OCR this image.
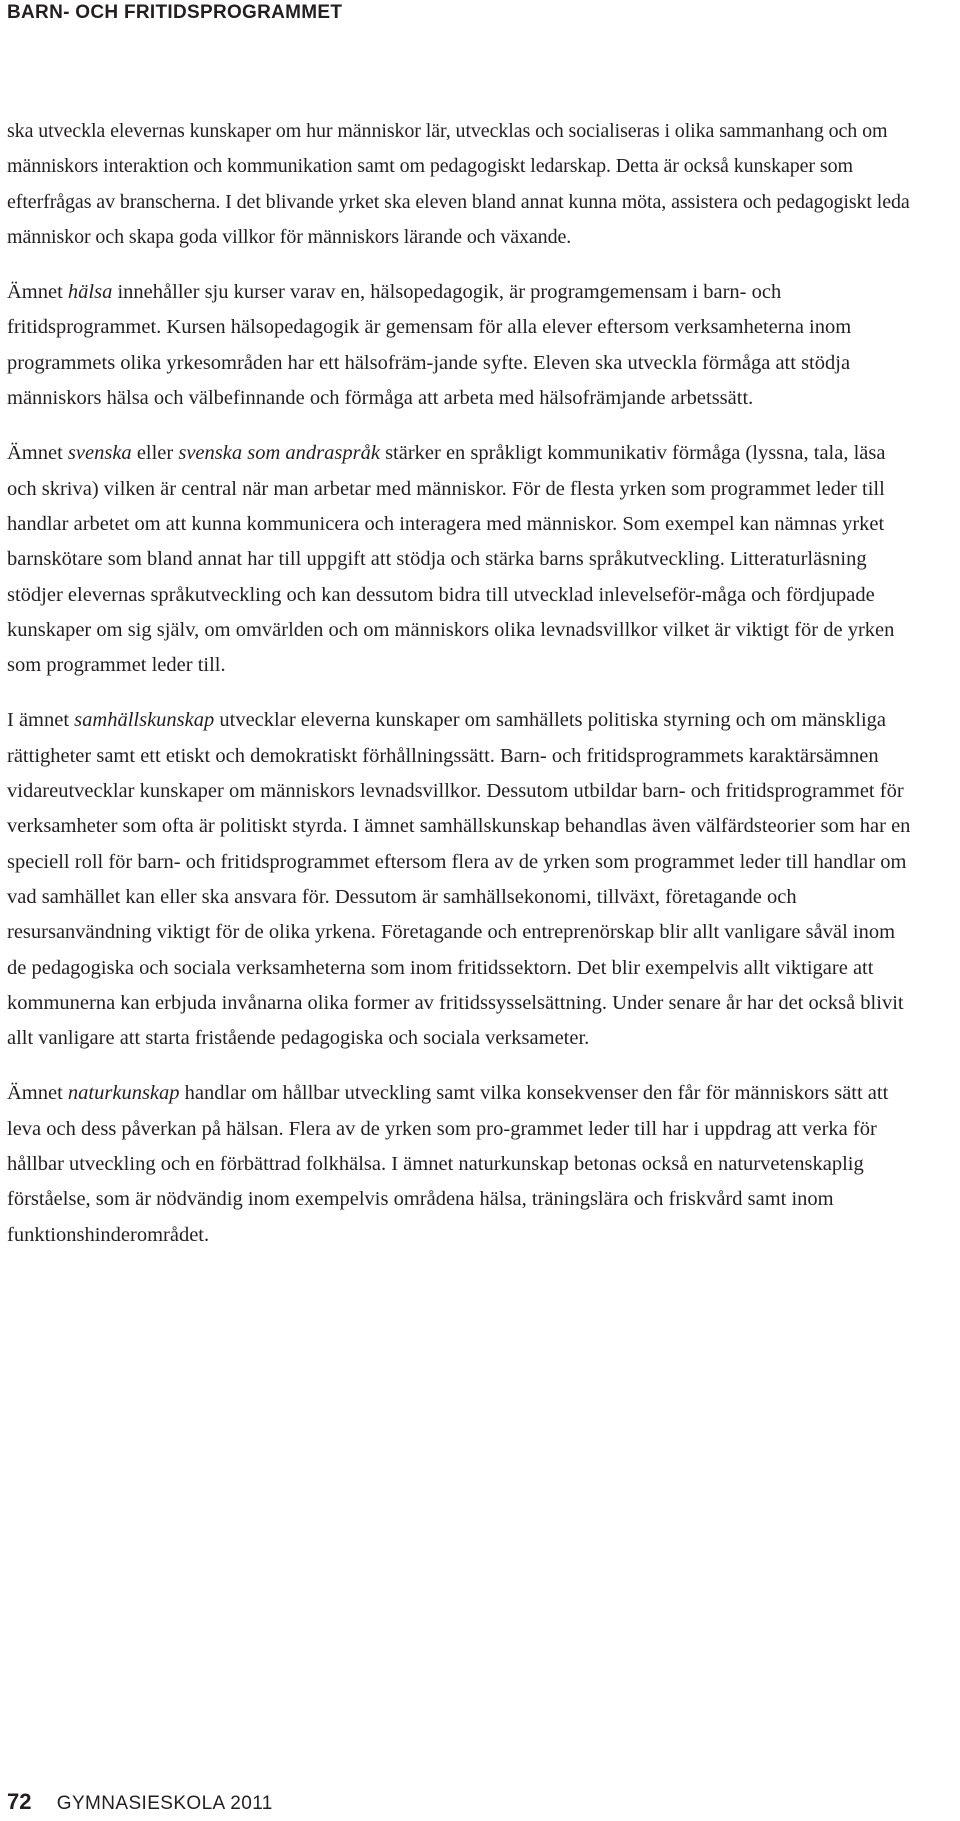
BARN- OCH FRITIDSPROGRAMMET

ska utveckla elevernas kunskaper om hur människor lär, utvecklas och socialiseras i olika sammanhang och om människors interaktion och kommunikation samt om pedagogiskt ledarskap. Detta är också kunskaper som efterfrågas av branscherna. I det blivande yrket ska eleven bland annat kunna möta, assistera och pedagogiskt leda människor och skapa goda villkor för människors lärande och växande.

Ämnet hälsa innehåller sju kurser varav en, hälsopedagogik, är programgemensam i barn- och fritidsprogrammet. Kursen hälsopedagogik är gemensam för alla elever eftersom verksamheterna inom programmets olika yrkesområden har ett hälsofräm-jande syfte. Eleven ska utveckla förmåga att stödja människors hälsa och välbefinnande och förmåga att arbeta med hälsofrämjande arbetssätt.

Ämnet svenska eller svenska som andraspråk stärker en språkligt kommunikativ förmåga (lyssna, tala, läsa och skriva) vilken är central när man arbetar med människor. För de flesta yrken som programmet leder till handlar arbetet om att kunna kommunicera och interagera med människor. Som exempel kan nämnas yrket barnskötare som bland annat har till uppgift att stödja och stärka barns språkutveckling. Litteraturläsning stödjer elevernas språkutveckling och kan dessutom bidra till utvecklad inlevelseför-måga och fördjupade kunskaper om sig själv, om omvärlden och om människors olika levnadsvillkor vilket är viktigt för de yrken som programmet leder till.

I ämnet samhällskunskap utvecklar eleverna kunskaper om samhällets politiska styrning och om mänskliga rättigheter samt ett etiskt och demokratiskt förhållningssätt. Barn- och fritidsprogrammets karaktärsämnen vidareutvecklar kunskaper om människors levnadsvillkor. Dessutom utbildar barn- och fritidsprogrammet för verksamheter som ofta är politiskt styrda. I ämnet samhällskunskap behandlas även välfärdsteorier som har en speciell roll för barn- och fritidsprogrammet eftersom flera av de yrken som programmet leder till handlar om vad samhället kan eller ska ansvara för. Dessutom är samhällsekonomi, tillväxt, företagande och resursanvändning viktigt för de olika yrkena. Företagande och entreprenörskap blir allt vanligare såväl inom de pedagogiska och sociala verksamheterna som inom fritidssektorn. Det blir exempelvis allt viktigare att kommunerna kan erbjuda invånarna olika former av fritidssysselsättning. Under senare år har det också blivit allt vanligare att starta fristående pedagogiska och sociala verksameter.

Ämnet naturkunskap handlar om hållbar utveckling samt vilka konsekvenser den får för människors sätt att leva och dess påverkan på hälsan. Flera av de yrken som pro-grammet leder till har i uppdrag att verka för hållbar utveckling och en förbättrad folkhälsa. I ämnet naturkunskap betonas också en naturvetenskaplig förståelse, som är nödvändig inom exempelvis områdena hälsa, träningslära och friskvård samt inom funktionshinderområdet.

72 GYMNASIESKOLA 2011
